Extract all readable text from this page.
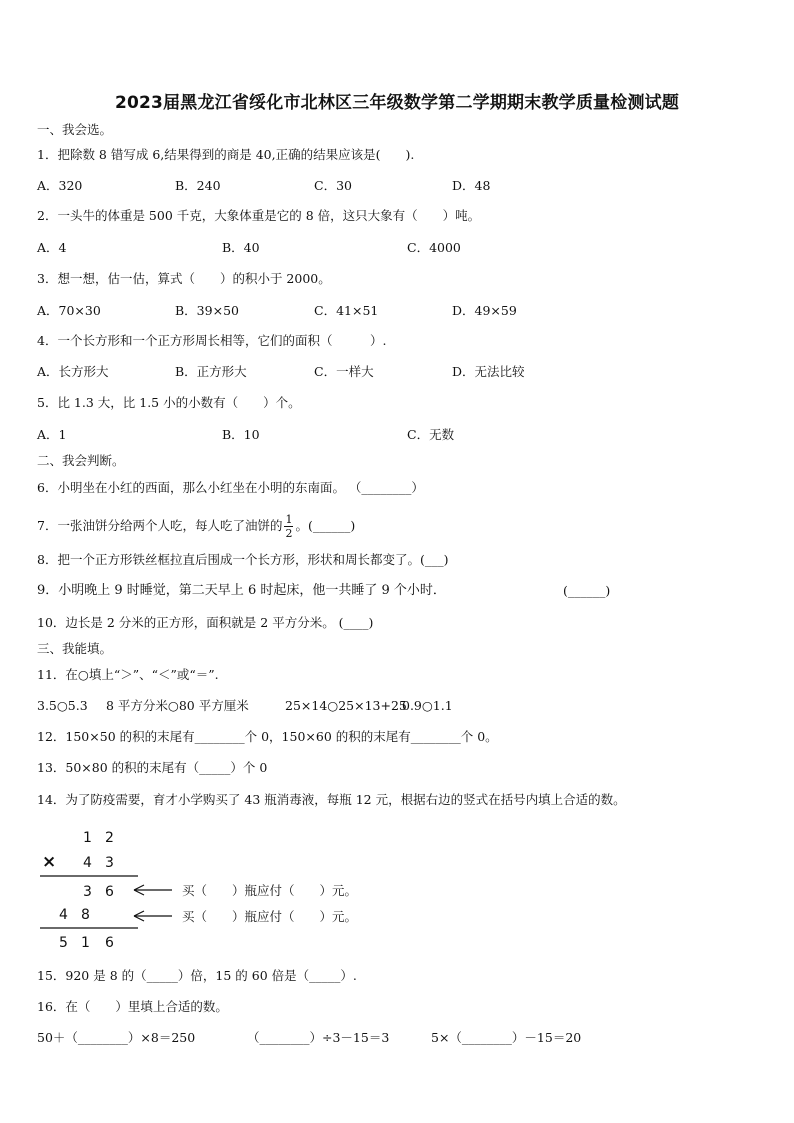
2023届黑龙江省绥化市北林区三年级数学第二学期期末教学质量检测试题
一、我会选。
1．把除数 8 错写成 6,结果得到的商是 40,正确的结果应该是(　　).
A．320	B．240	C．30	D．48
2．一头牛的体重是 500 千克，大象体重是它的 8 倍，这只大象有（　　）吨。
A．4	B．40	C．4000
3．想一想，估一估，算式（　　）的积小于 2000。
A．70×30	B．39×50	C．41×51	D．49×59
4．一个长方形和一个正方形周长相等，它们的面积（　　　）.
A．长方形大	B．正方形大	C．一样大	D．无法比较
5．比 1.3 大，比 1.5 小的小数有（　　）个。
A．1	B．10	C．无数
二、我会判断。
6．小明坐在小红的西面，那么小红坐在小明的东南面。 （________）
7．一张油饼分给两个人吃，每人吃了油饼的 $\frac{1}{2}$ 。(______)
8．把一个正方形铁丝框拉直后围成一个长方形，形状和周长都变了。(___)
9．小明晚上 9 时睡觉，第二天早上 6 时起床，他一共睡了 9 个小时．	(______)
10．边长是 2 分米的正方形，面积就是 2 平方分米。 (____)
三、我能填。
11．在○填上“＞”、“＜”或“＝”.
3.5○5.3 8 平方分米○80 平方厘米	25×14○25×13+25
0.9○1.1
12．150×50 的积的末尾有________个 0，150×60 的积的末尾有________个 0。
13．50×80 的积的末尾有（_____）个 0
14．为了防疫需要，育才小学购买了 43 瓶消毒液，每瓶 12 元，根据右边的竖式在括号内填上合适的数。
1 2
× 4 3
3 6
4 8
5 1 6
买（　　）瓶应付（　　）元。
买（　　）瓶应付（　　）元。
15．920 是 8 的（_____）倍，15 的 60 倍是（_____）.
16．在（　　）里填上合适的数。
50＋（________）×8＝250	（________）÷3－15＝3	5×（________）－15＝20
